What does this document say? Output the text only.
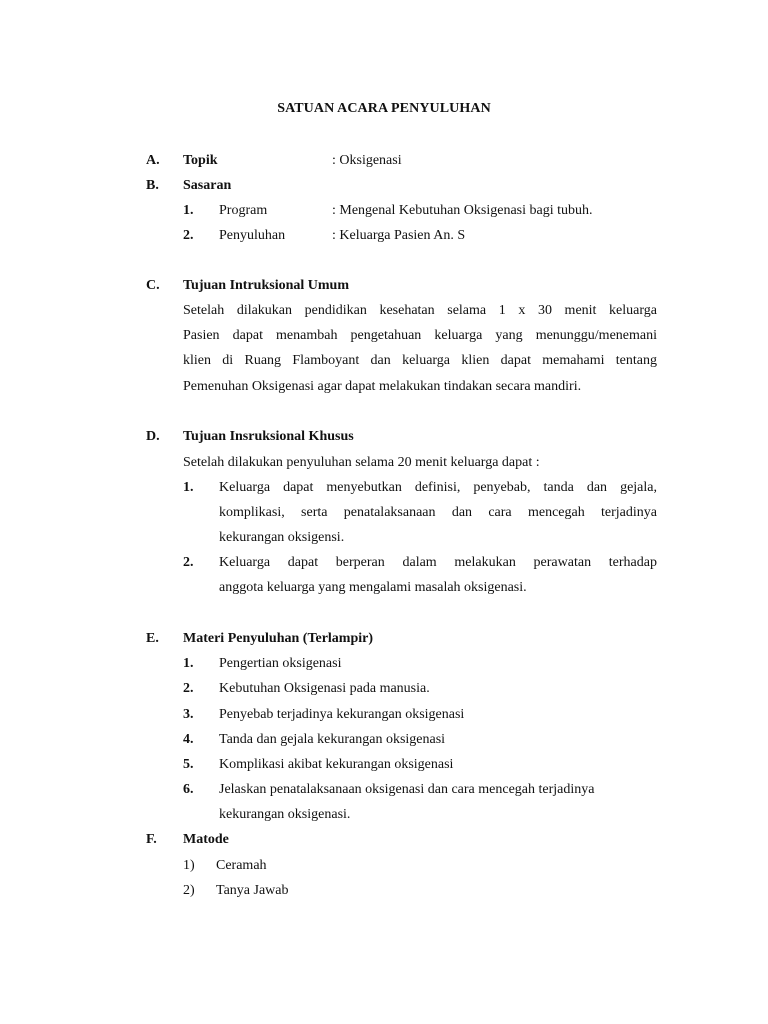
SATUAN ACARA PENYULUHAN
A. Topik	: Oksigenasi
B. Sasaran
1. Program	: Mengenal Kebutuhan Oksigenasi bagi tubuh.
2. Penyuluhan	: Keluarga Pasien An. S
C. Tujuan Intruksional Umum
Setelah dilakukan pendidikan kesehatan selama 1 x 30 menit keluarga
Pasien dapat menambah pengetahuan keluarga yang menunggu/menemani
klien di Ruang Flamboyant dan keluarga klien dapat memahami tentang
Pemenuhan Oksigenasi agar dapat melakukan tindakan secara mandiri.
D. Tujuan Insruksional Khusus
Setelah dilakukan penyuluhan selama 20 menit keluarga dapat :
1. Keluarga dapat menyebutkan definisi, penyebab, tanda dan gejala,
komplikasi, serta penatalaksanaan dan cara mencegah terjadinya
kekurangan oksigensi.
2. Keluarga dapat berperan dalam melakukan perawatan terhadap
anggota keluarga yang mengalami masalah oksigenasi.
E. Materi Penyuluhan (Terlampir)
1. Pengertian oksigenasi
2. Kebutuhan Oksigenasi pada manusia.
3. Penyebab terjadinya kekurangan oksigenasi
4. Tanda dan gejala kekurangan oksigenasi
5. Komplikasi akibat kekurangan oksigenasi
6. Jelaskan penatalaksanaan oksigenasi dan cara mencegah terjadinya
kekurangan oksigenasi.
F. Matode
1) Ceramah
2) Tanya Jawab
